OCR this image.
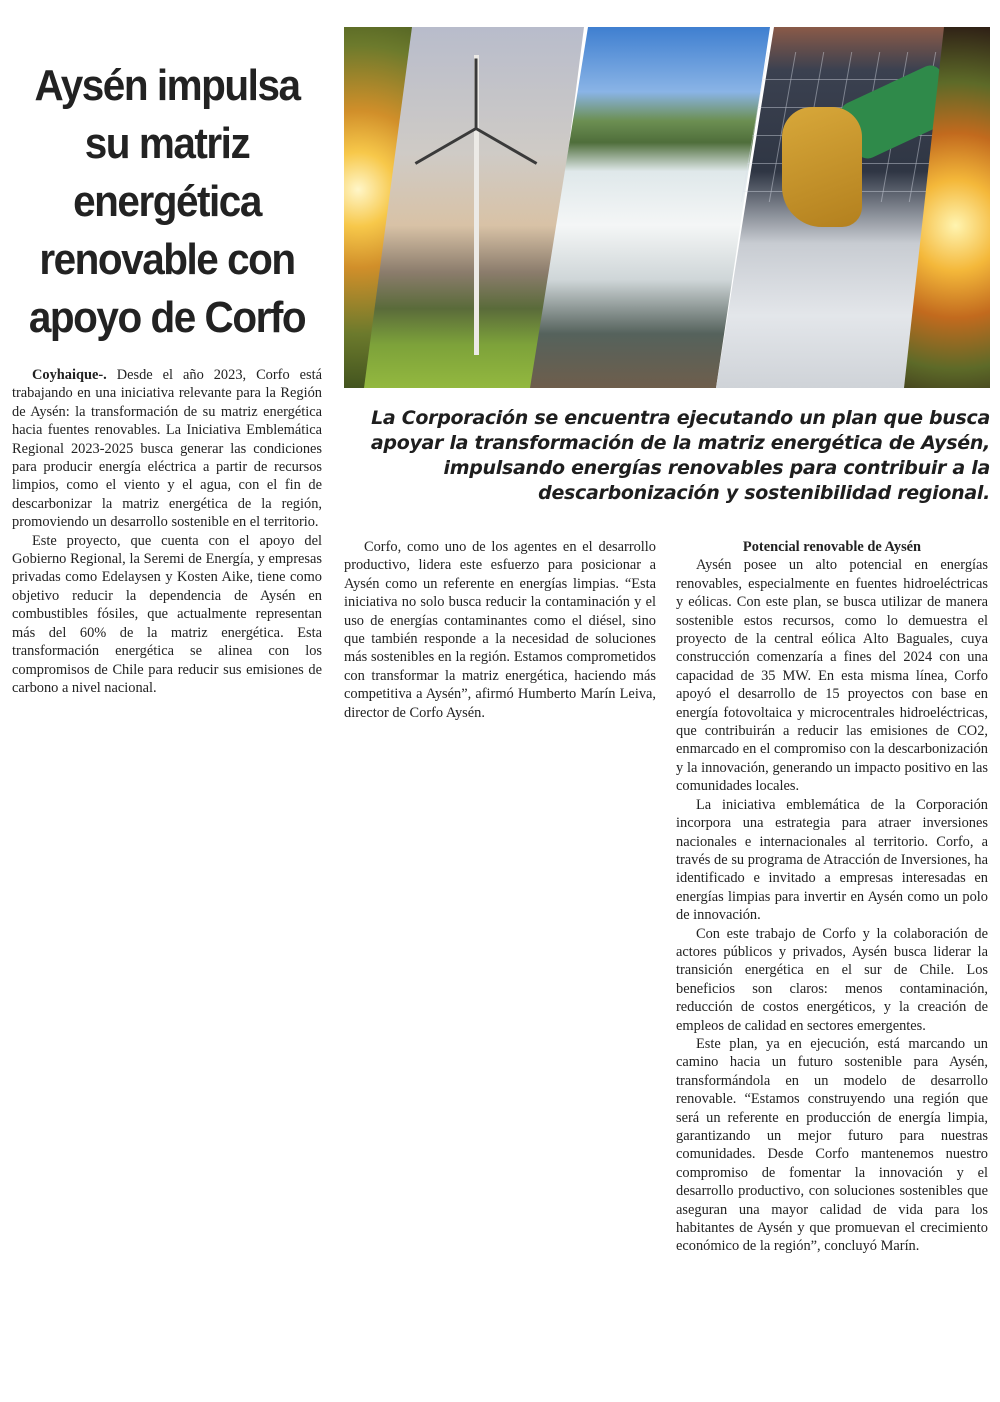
Aysén impulsa su matriz energética renovable con apoyo de Corfo
La Corporación se encuentra ejecutando un plan que busca apoyar la transformación de la matriz energética de Aysén, impulsando energías renovables para contribuir a la descarbonización y sostenibilidad regional.

Coyhaique-. Desde el año 2023, Corfo está trabajando en una iniciativa relevante para la Región de Aysén: la transformación de su matriz energética hacia fuentes renovables. La Iniciativa Emblemática Regional 2023-2025 busca generar las condiciones para producir energía eléctrica a partir de recursos limpios, como el viento y el agua, con el fin de descarbonizar la matriz energética de la región, promoviendo un desarrollo sostenible en el territorio.

Este proyecto, que cuenta con el apoyo del Gobierno Regional, la Seremi de Energía, y empresas privadas como Edelaysen y Kosten Aike, tiene como objetivo reducir la dependencia de Aysén en combustibles fósiles, que actualmente representan más del 60% de la matriz energética. Esta transformación energética se alinea con los compromisos de Chile para reducir sus emisiones de carbono a nivel nacional.

Corfo, como uno de los agentes en el desarrollo productivo, lidera este esfuerzo para posicionar a Aysén como un referente en energías limpias. “Esta iniciativa no solo busca reducir la contaminación y el uso de energías contaminantes como el diésel, sino que también responde a la necesidad de soluciones más sostenibles en la región. Estamos comprometidos con transformar la matriz energética, haciendo más competitiva a Aysén”, afirmó Humberto Marín Leiva, director de Corfo Aysén.

Potencial renovable de Aysén

Aysén posee un alto potencial en energías renovables, especialmente en fuentes hidroeléctricas y eólicas. Con este plan, se busca utilizar de manera sostenible estos recursos, como lo demuestra el proyecto de la central eólica Alto Baguales, cuya construcción comenzaría a fines del 2024 con una capacidad de 35 MW. En esta misma línea, Corfo apoyó el desarrollo de 15 proyectos con base en energía fotovoltaica y microcentrales hidroeléctricas, que contribuirán a reducir las emisiones de CO2, enmarcado en el compromiso con la descarbonización y la innovación, generando un impacto positivo en las comunidades locales.

La iniciativa emblemática de la Corporación incorpora una estrategia para atraer inversiones nacionales e internacionales al territorio. Corfo, a través de su programa de Atracción de Inversiones, ha identificado e invitado a empresas interesadas en energías limpias para invertir en Aysén como un polo de innovación.

Con este trabajo de Corfo y la colaboración de actores públicos y privados, Aysén busca liderar la transición energética en el sur de Chile. Los beneficios son claros: menos contaminación, reducción de costos energéticos, y la creación de empleos de calidad en sectores emergentes.

Este plan, ya en ejecución, está marcando un camino hacia un futuro sostenible para Aysén, transformándola en un modelo de desarrollo renovable. “Estamos construyendo una región que será un referente en producción de energía limpia, garantizando un mejor futuro para nuestras comunidades. Desde Corfo mantenemos nuestro compromiso de fomentar la innovación y el desarrollo productivo, con soluciones sostenibles que aseguran una mayor calidad de vida para los habitantes de Aysén y que promuevan el crecimiento económico de la región”, concluyó Marín.
